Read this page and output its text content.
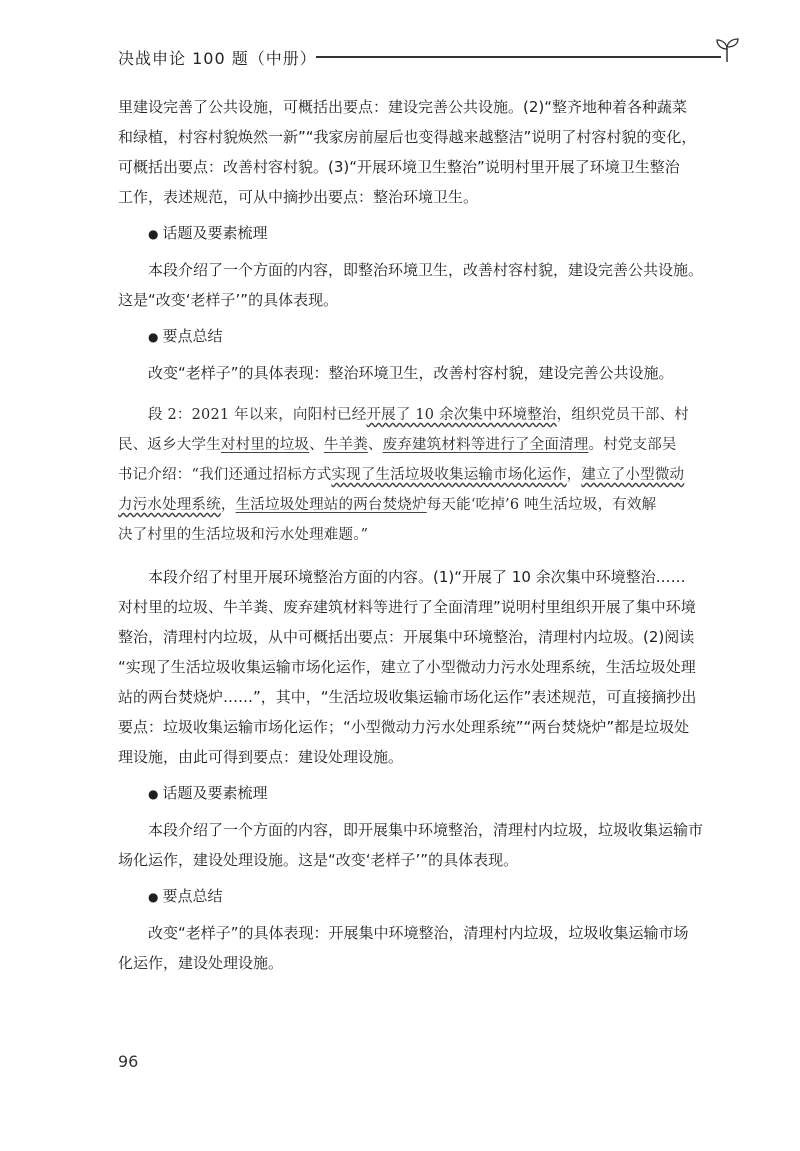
决战申论 100 题（中册）

里建设完善了公共设施，可概括出要点：建设完善公共设施。(2)“整齐地种着各种蔬菜

和绿植，村容村貌焕然一新”“我家房前屋后也变得越来越整洁”说明了村容村貌的变化，

可概括出要点：改善村容村貌。(3)“开展环境卫生整治”说明村里开展了环境卫生整治

工作，表述规范，可从中摘抄出要点：整治环境卫生。

● 话题及要素梳理

本段介绍了一个方面的内容，即整治环境卫生，改善村容村貌，建设完善公共设施。

这是“改变‘老样子’”的具体表现。

● 要点总结

改变“老样子”的具体表现：整治环境卫生，改善村容村貌，建设完善公共设施。

段 2：2021 年以来，向阳村已经开展了 10 余次集中环境整治，组织党员干部、村

民、返乡大学生对村里的垃圾、牛羊粪、废弃建筑材料等进行了全面清理。村党支部吴

书记介绍：“我们还通过招标方式实现了生活垃圾收集运输市场化运作，建立了小型微动

力污水处理系统，生活垃圾处理站的两台焚烧炉每天能‘吃掉’6 吨生活垃圾，有效解

决了村里的生活垃圾和污水处理难题。”

本段介绍了村里开展环境整治方面的内容。(1)“开展了 10 余次集中环境整治……

对村里的垃圾、牛羊粪、废弃建筑材料等进行了全面清理”说明村里组织开展了集中环境

整治，清理村内垃圾，从中可概括出要点：开展集中环境整治，清理村内垃圾。(2)阅读

“实现了生活垃圾收集运输市场化运作，建立了小型微动力污水处理系统，生活垃圾处理

站的两台焚烧炉……”，其中，“生活垃圾收集运输市场化运作”表述规范，可直接摘抄出

要点：垃圾收集运输市场化运作；“小型微动力污水处理系统”“两台焚烧炉”都是垃圾处

理设施，由此可得到要点：建设处理设施。

● 话题及要素梳理

本段介绍了一个方面的内容，即开展集中环境整治，清理村内垃圾，垃圾收集运输市

场化运作，建设处理设施。这是“改变‘老样子’”的具体表现。

● 要点总结

改变“老样子”的具体表现：开展集中环境整治，清理村内垃圾，垃圾收集运输市场

化运作，建设处理设施。

96
